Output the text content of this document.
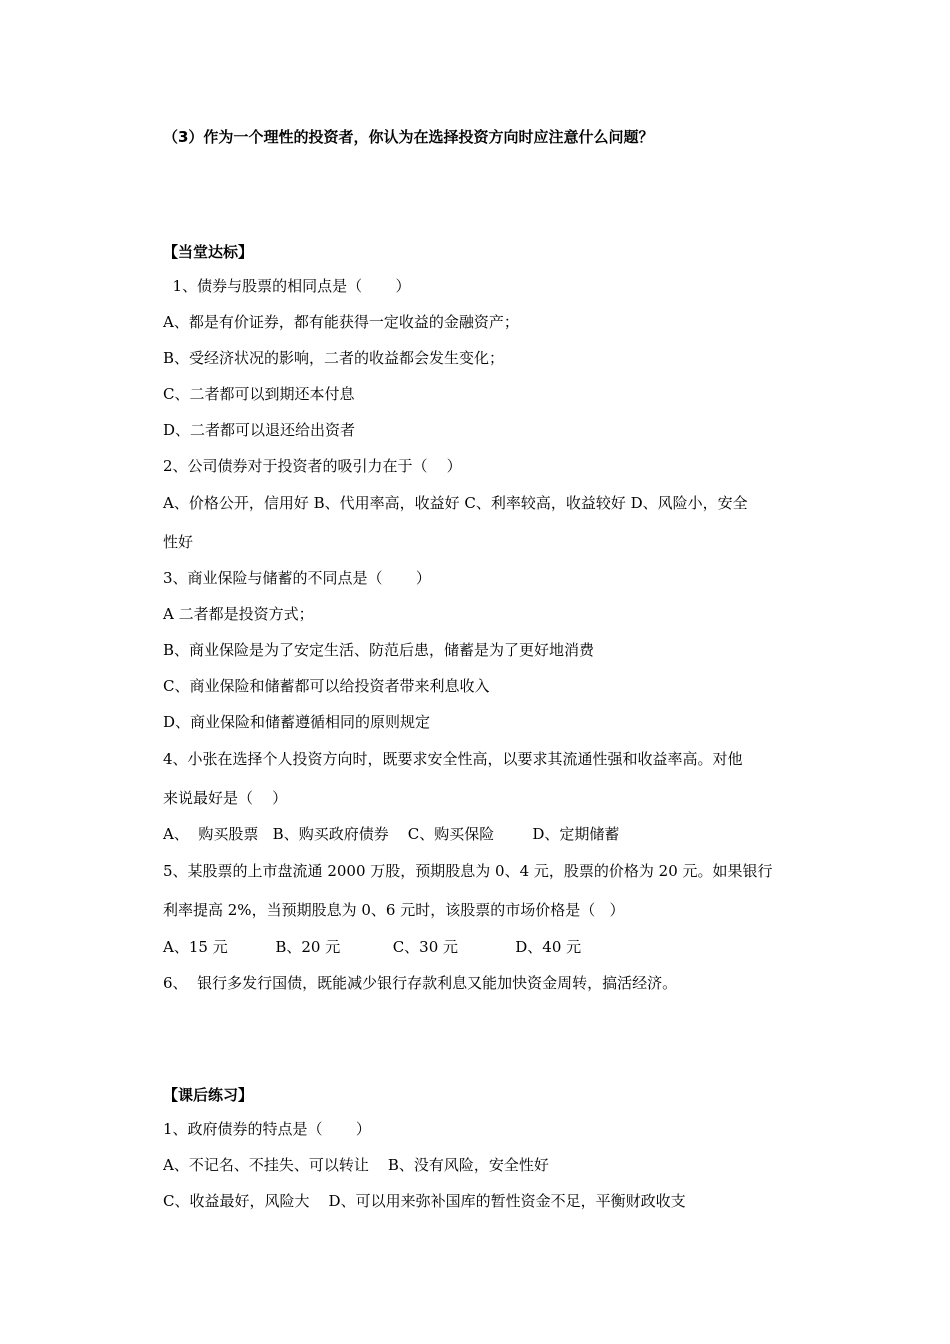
（3）作为一个理性的投资者，你认为在选择投资方向时应注意什么问题？
【当堂达标】
1、债券与股票的相同点是（       ）
A、都是有价证券，都有能获得一定收益的金融资产；
B、受经济状况的影响，二者的收益都会发生变化；
C、二者都可以到期还本付息
D、二者都可以退还给出资者
2、公司债券对于投资者的吸引力在于（    ）
A、价格公开，信用好 B、代用率高，收益好 C、利率较高，收益较好 D、风险小，安全
性好
3、商业保险与储蓄的不同点是（       ）
A 二者都是投资方式；
B、商业保险是为了安定生活、防范后患，储蓄是为了更好地消费
C、商业保险和储蓄都可以给投资者带来利息收入
D、商业保险和储蓄遵循相同的原则规定
4、小张在选择个人投资方向时，既要求安全性高，以要求其流通性强和收益率高。对他
来说最好是（    ）
A、  购买股票   B、购买政府债券    C、购买保险        D、定期储蓄
5、某股票的上市盘流通 2000 万股，预期股息为 0、4 元，股票的价格为 20 元。如果银行
利率提高 2%，当预期股息为 0、6 元时，该股票的市场价格是（   ）
A、15 元          B、20 元           C、30 元            D、40 元
6、  银行多发行国债，既能减少银行存款利息又能加快资金周转，搞活经济。
【课后练习】
1、政府债券的特点是（       ）
A、不记名、不挂失、可以转让    B、没有风险，安全性好
C、收益最好，风险大    D、可以用来弥补国库的暂性资金不足，平衡财政收支
